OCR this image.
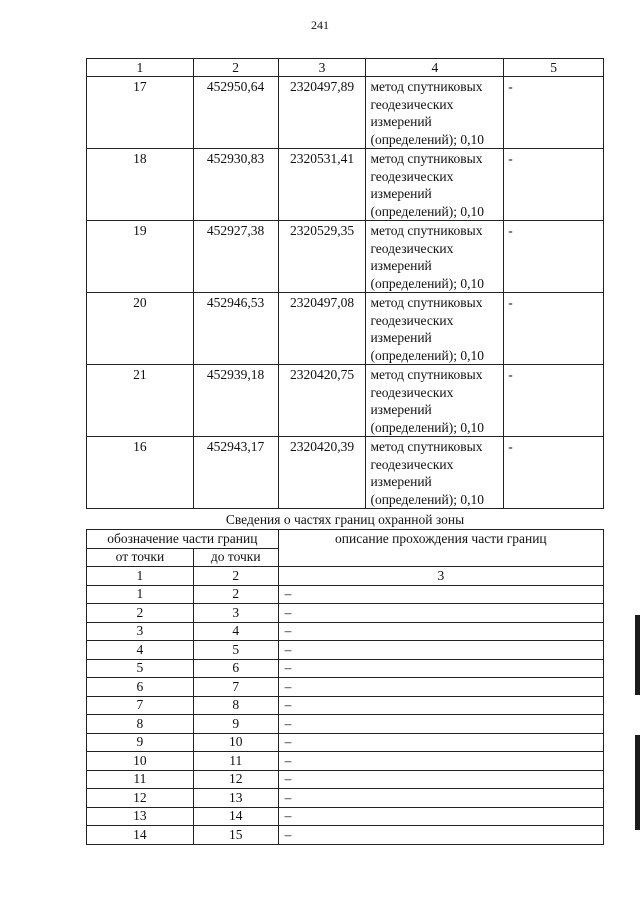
241
1	2	3	4	5
17	452950,64	2320497,89	метод спутниковых
геодезических
измерений
(определений); 0,10	-
18	452930,83	2320531,41	метод спутниковых
геодезических
измерений
(определений); 0,10	-
19	452927,38	2320529,35	метод спутниковых
геодезических
измерений
(определений); 0,10	-
20	452946,53	2320497,08	метод спутниковых
геодезических
измерений
(определений); 0,10	-
21	452939,18	2320420,75	метод спутниковых
геодезических
измерений
(определений); 0,10	-
16	452943,17	2320420,39	метод спутниковых
геодезических
измерений
(определений); 0,10	-
Сведения о частях границ охранной зоны
обозначение части границ		описание прохождения части границ
от точки	до точки	
1	2	3
1	2	–
2	3	–
3	4	–
4	5	–
5	6	–
6	7	–
7	8	–
8	9	–
9	10	–
10	11	–
11	12	–
12	13	–
13	14	–
14	15	–
